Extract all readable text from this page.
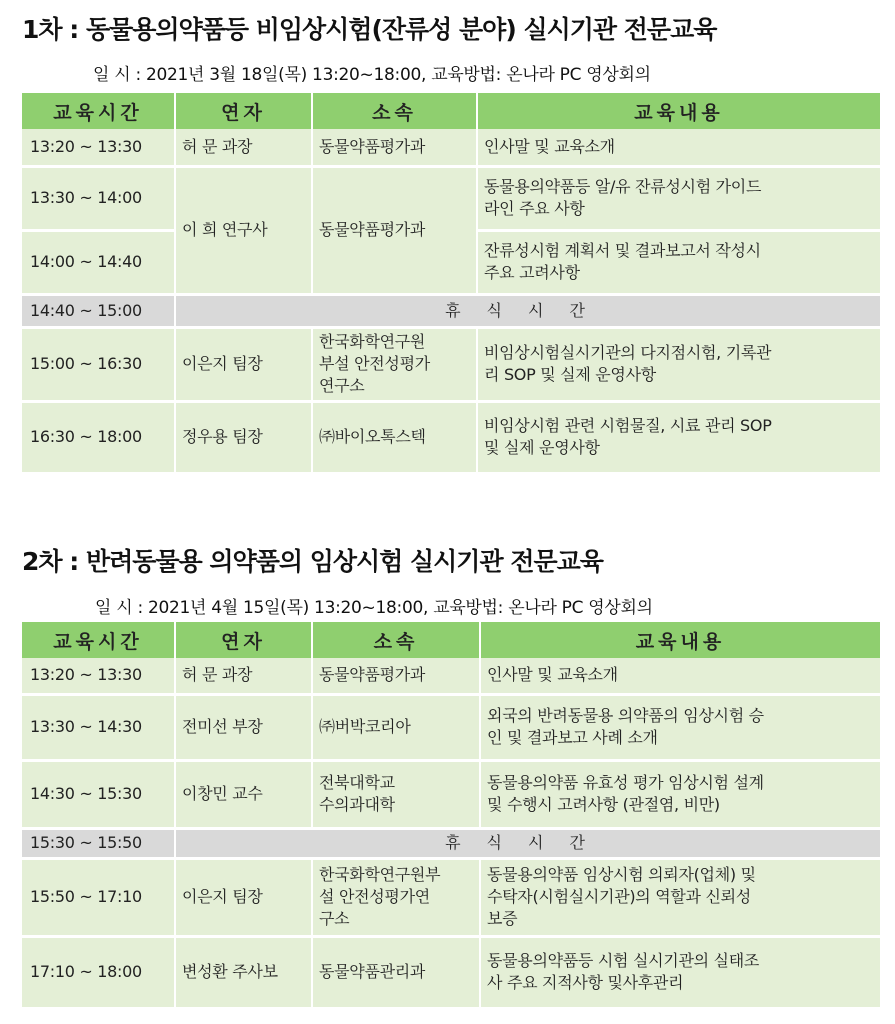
1차 : 동물용의약품등 비임상시험(잔류성 분야) 실시기관 전문교육
일 시 : 2021년 3월 18일(목) 13:20~18:00, 교육방법: 온나라 PC 영상회의
교육시간	연자	소속	교육내용
13:20 ~ 13:30	허 문 과장	동물약품평가과	인사말 및 교육소개
13:30 ~ 14:00	이 희 연구사	동물약품평가과	동물용의약품등 알/유 잔류성시험 가이드
라인 주요 사항
14:00 ~ 14:40			잔류성시험 계획서 및 결과보고서 작성시
주요 고려사항
14:40 ~ 15:00	휴식시간		
15:00 ~ 16:30	이은지 팀장	한국화학연구원
부설 안전성평가
연구소	비임상시험실시기관의 다지점시험, 기록관
리 SOP 및 실제 운영사항
16:30 ~ 18:00	정우용 팀장	㈜바이오톡스텍	비임상시험 관련 시험물질, 시료 관리 SOP
및 실제 운영사항
2차 : 반려동물용 의약품의 임상시험 실시기관 전문교육
일 시 : 2021년 4월 15일(목) 13:20~18:00, 교육방법: 온나라 PC 영상회의
교육시간	연자	소속	교육내용
13:20 ~ 13:30	허 문 과장	동물약품평가과	인사말 및 교육소개
13:30 ~ 14:30	전미선 부장	㈜버박코리아	외국의 반려동물용 의약품의 임상시험 승
인 및 결과보고 사례 소개
14:30 ~ 15:30	이창민 교수	전북대학교
수의과대학	동물용의약품 유효성 평가 임상시험 설계
및 수행시 고려사항 (관절염, 비만)
15:30 ~ 15:50	휴식시간		
15:50 ~ 17:10	이은지 팀장	한국화학연구원부
설 안전성평가연
구소	동물용의약품 임상시험 의뢰자(업체) 및
수탁자(시험실시기관)의 역할과 신뢰성
보증
17:10 ~ 18:00	변성환 주사보	동물약품관리과	동물용의약품등 시험 실시기관의 실태조
사 주요 지적사항 및사후관리
